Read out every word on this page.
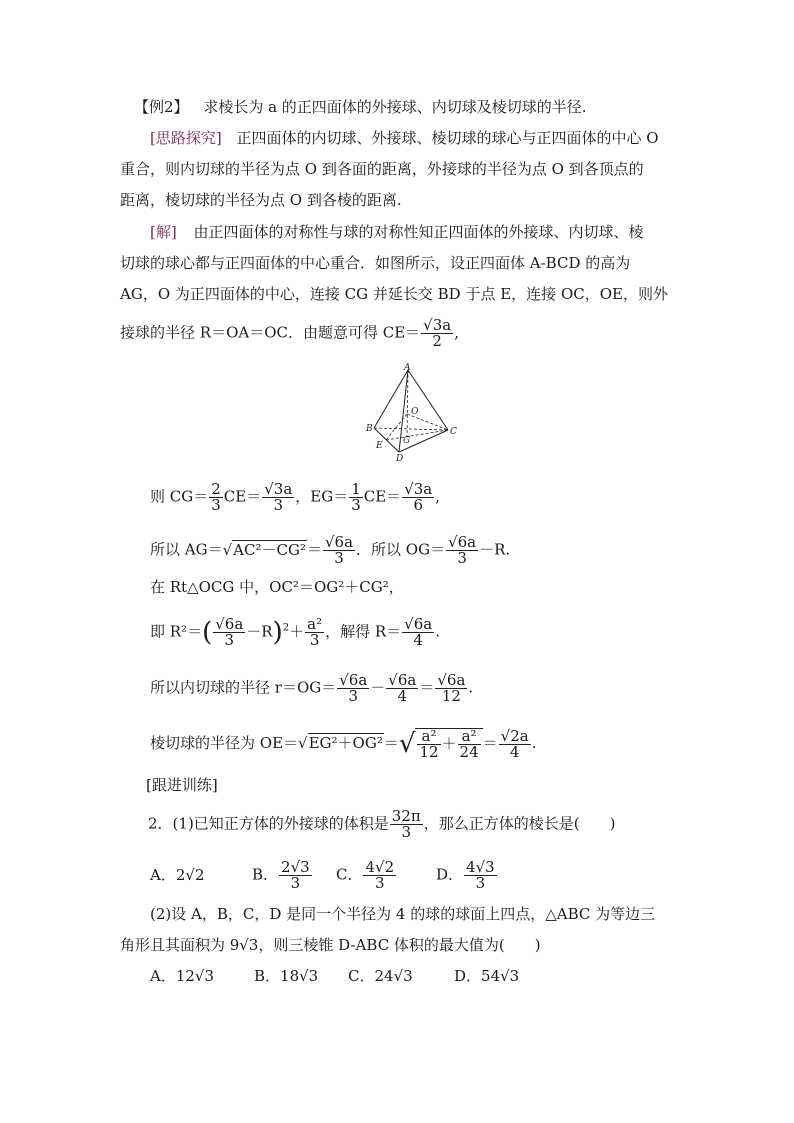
【例2】 求棱长为 a 的正四面体的外接球、内切球及棱切球的半径.
[思路探究] 正四面体的内切球、外接球、棱切球的球心与正四面体的中心 O
重合，则内切球的半径为点 O 到各面的距离，外接球的半径为点 O 到各顶点的
距离，棱切球的半径为点 O 到各棱的距离.
[解] 由正四面体的对称性与球的对称性知正四面体的外接球、内切球、棱
切球的球心都与正四面体的中心重合．如图所示，设正四面体 A-BCD 的高为
AG，O 为正四面体的中心，连接 CG 并延长交 BD 于点 E，连接 OC，OE，则外
接球的半径 R＝OA＝OC．由题意可得 $CE= \frac{√3a}{2}$ ,
A
B	C
D
E G
O
则 $CG= \frac{2}{3} CE= \frac{√3a}{3}$ ，$EG= \frac{1}{3} CE= \frac{√3a}{6}$ ,
所以 AG＝√ $AC^2-CG^2= \frac{√6a}{3}$ ．所以 $OG= \frac{√6a}{3} -R$.
在 Rt△OCG 中，OC²＝OG²＋CG²，
即 $R^2=( \frac{√6a}{3} -R)^2+ \frac{\text{a²}}{3}$ ，解得 $R= \frac{√6a}{4}$ .
所以内切球的半径 $r=OG= \frac{√6a}{3} - \frac{√6a}{4} = \frac{√6a}{12}$ .
棱切球的半径为 OE＝√ $EG^2+OG^2=√ \frac{\text{a²}}{12} + \frac{\text{a²}}{24} = \frac{√2a}{4}$ .
[跟进训练]
2．(1)已知正方体的外接球的体积是 $\frac{32\pi}{3}$ ，那么正方体的棱长是(　　)
A．2√2	B． $\frac{2√3}{3}$ C． $\frac{4√2}{3}$	D． $\frac{4√3}{3}$
(2)设 A，B，C，D 是同一个半径为 4 的球的球面上四点，△ABC 为等边三
角形且其面积为 9√3，则三棱锥 D-ABC 体积的最大值为(　　)
A．12√3	B．18√3 C．24√3	D．54√3
